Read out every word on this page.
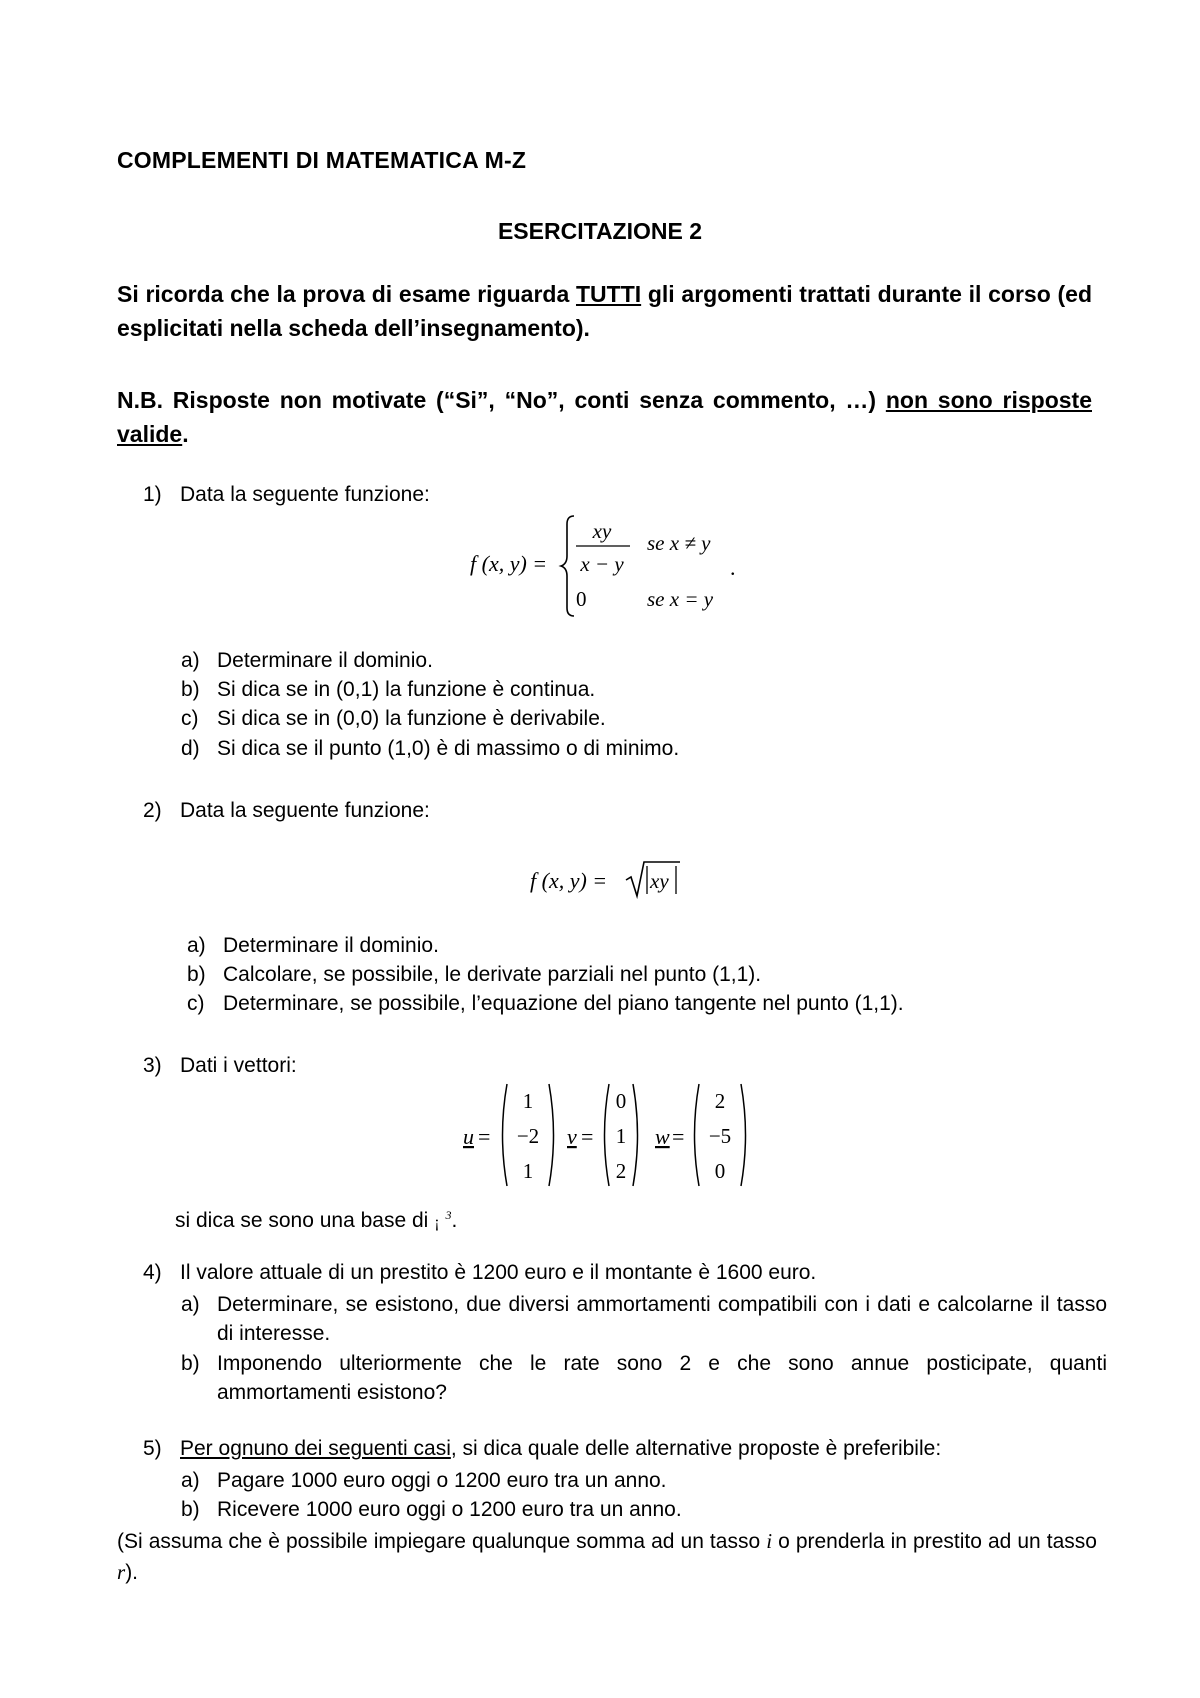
COMPLEMENTI DI MATEMATICA M-Z
ESERCITAZIONE 2
Si ricorda che la prova di esame riguarda TUTTI gli argomenti trattati durante il corso (ed esplicitati nella scheda dell’insegnamento).
N.B. Risposte non motivate (“Si”, “No”, conti senza commento, …) non sono risposte valide.
1) Data la seguente funzione:
f (x, y) =
xy
x − y
se x ≠ y
0	se x = y
.
a) Determinare il dominio.
b) Si dica se in (0,1) la funzione è continua.
c) Si dica se in (0,0) la funzione è derivabile.
d) Si dica se il punto (1,0) è di massimo o di minimo.
2) Data la seguente funzione:
f (x, y) = xy
a) Determinare il dominio.
b) Calcolare, se possibile, le derivate parziali nel punto (1,1).
c) Determinare, se possibile, l’equazione del piano tangente nel punto (1,1).
3) Dati i vettori:
u =
1
−2
1
v =
0
1
2
w =
2
−5
0
si dica se sono una base di ¡ $^3$.
4) Il valore attuale di un prestito è 1200 euro e il montante è 1600 euro.
a) Determinare, se esistono, due diversi ammortamenti compatibili con i dati e calcolarne il tasso di interesse.
b) Imponendo ulteriormente che le rate sono 2 e che sono annue posticipate, quanti ammortamenti esistono?
5) Per ognuno dei seguenti casi, si dica quale delle alternative proposte è preferibile:
a) Pagare 1000 euro oggi o 1200 euro tra un anno.
b) Ricevere 1000 euro oggi o 1200 euro tra un anno.
(Si assuma che è possibile impiegare qualunque somma ad un tasso i o prenderla in prestito ad un tasso r).
